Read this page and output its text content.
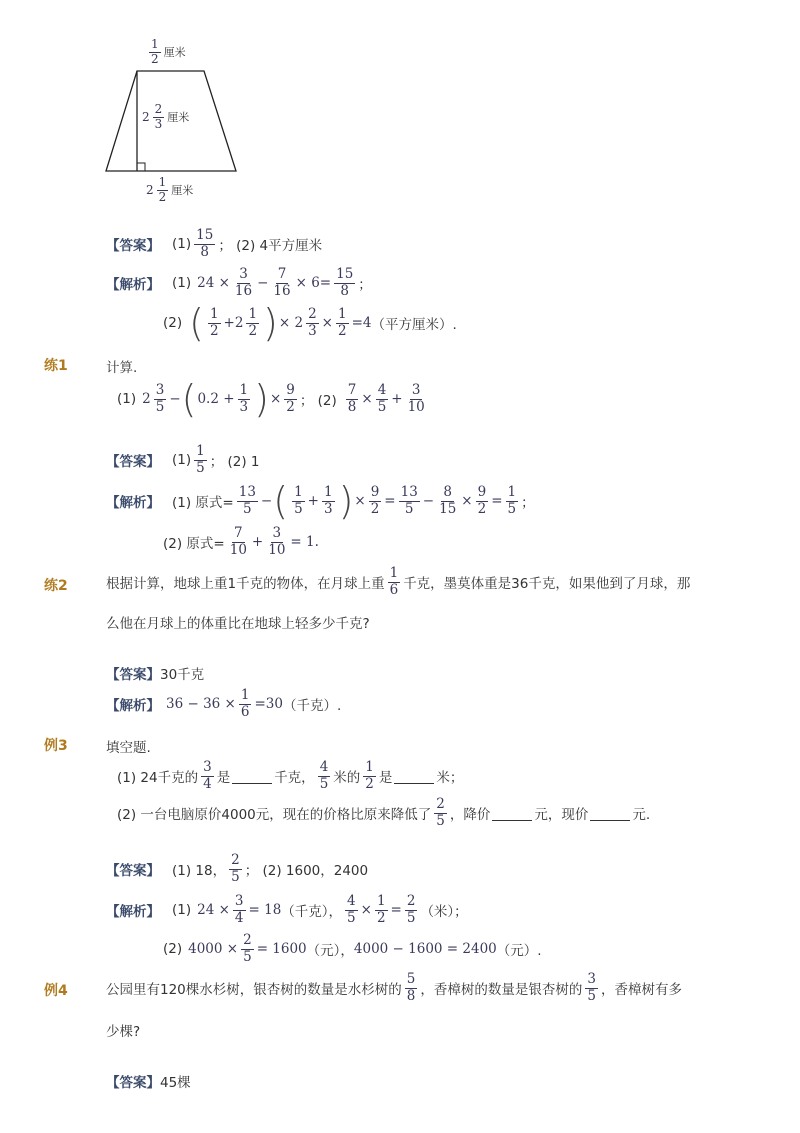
$\frac{1}{2}$ 厘米
$2 \frac{2}{3}$ 厘米
$2 \frac{1}{2}$ 厘米
【答案】 $(1) \frac{15}{8}$ ； (2) 4平方厘米
【解析】 (1) $24 \times \frac{3}{16} - \frac{7}{16} \times 6= \frac{15}{8}$ ；
(2) ( $\frac{1}{2} +2 \frac{1}{2}$ ) × $2 \frac{2}{3} \times \frac{1}{2} =4$ （平方厘米）.
练1	计算.
(1) $2 \frac{3}{5}$ − ( $0.2 + \frac{1}{3}$ ) × $\frac{9}{2}$ ； $(2) \frac{7}{8} \times \frac{4}{5} + \frac{3}{10}$
【答案】 $(1) \frac{1}{5}$ ； (2) 1
【解析】 (1) 原式= $\frac{13}{5}$ − ( $\frac{1}{5} + \frac{1}{3}$ ) × $\frac{9}{2} = \frac{13}{5} - \frac{8}{15} \times \frac{9}{2} = \frac{1}{5}$ ；
(2) 原式= $\frac{7}{10} + \frac{3}{10} = 1$.
练2	根据计算，地球上重1千克的物体，在月球上重 $\frac{1}{6}$ 千克，墨莫体重是36千克，如果他到了月球，那
么他在月球上的体重比在地球上轻多少千克?
【答案】 30千克
【解析】 $36 - 36 \times \frac{1}{6} =30$ （千克）.
例3	填空题.
(1) 24千克的 $\frac{3}{4}$ 是	千克， $\frac{4}{5}$ 米的 $\frac{1}{2}$ 是	米；
(2) 一台电脑原价4000元，现在的价格比原来降低了 $\frac{2}{5}$ ，降价	元，现价	元.
【答案】 (1) 18， $\frac{2}{5}$ ； (2) 1600，2400
【解析】 (1) $24 \times \frac{3}{4} = 18$ （千克）， $\frac{4}{5} \times \frac{1}{2} = \frac{2}{5}$ （米）；
(2) $4000 \times \frac{2}{5} = 1600$ （元）， 4000 − 1600 = 2400 （元）.
例4	公园里有120棵水杉树，银杏树的数量是水杉树的 $\frac{5}{8}$ ，香樟树的数量是银杏树的 $\frac{3}{5}$ ，香樟树有多
少棵?
【答案】 45棵
